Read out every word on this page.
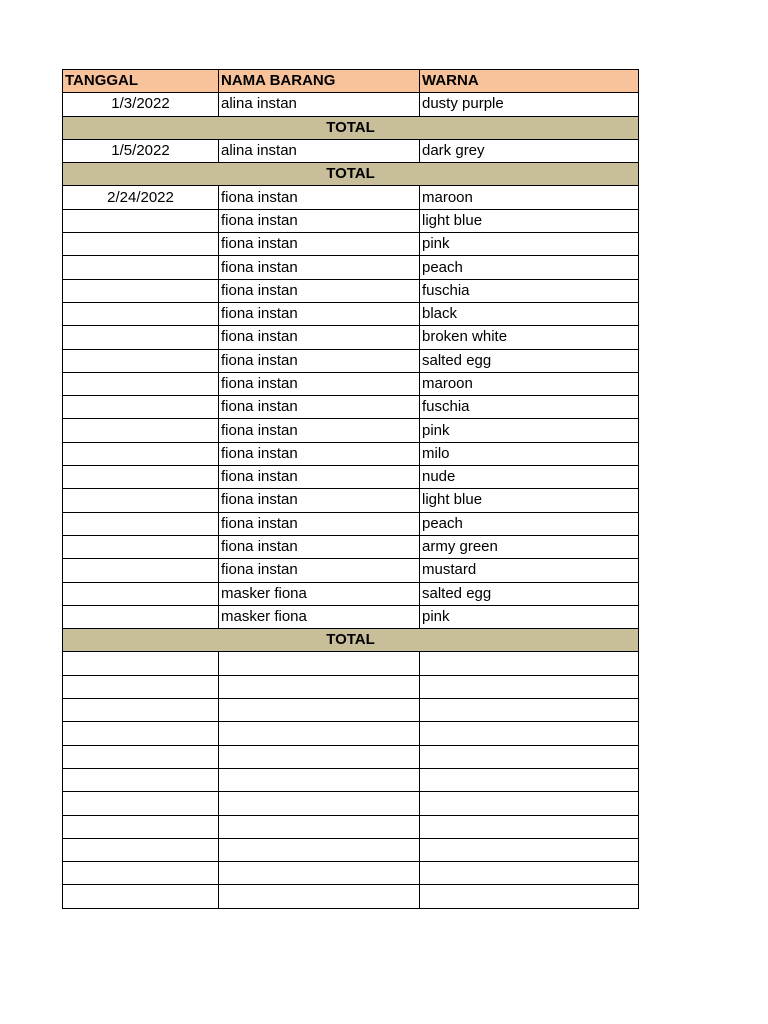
TANGGAL	NAMA BARANG	WARNA
1/3/2022	alina instan	dusty purple
TOTAL		
1/5/2022	alina instan	dark grey
TOTAL		
2/24/2022	fiona instan	maroon
	fiona instan	light blue
	fiona instan	pink
	fiona instan	peach
	fiona instan	fuschia
	fiona instan	black
	fiona instan	broken white
	fiona instan	salted egg
	fiona instan	maroon
	fiona instan	fuschia
	fiona instan	pink
	fiona instan	milo
	fiona instan	nude
	fiona instan	light blue
	fiona instan	peach
	fiona instan	army green
	fiona instan	mustard
	masker fiona	salted egg
	masker fiona	pink
TOTAL		
